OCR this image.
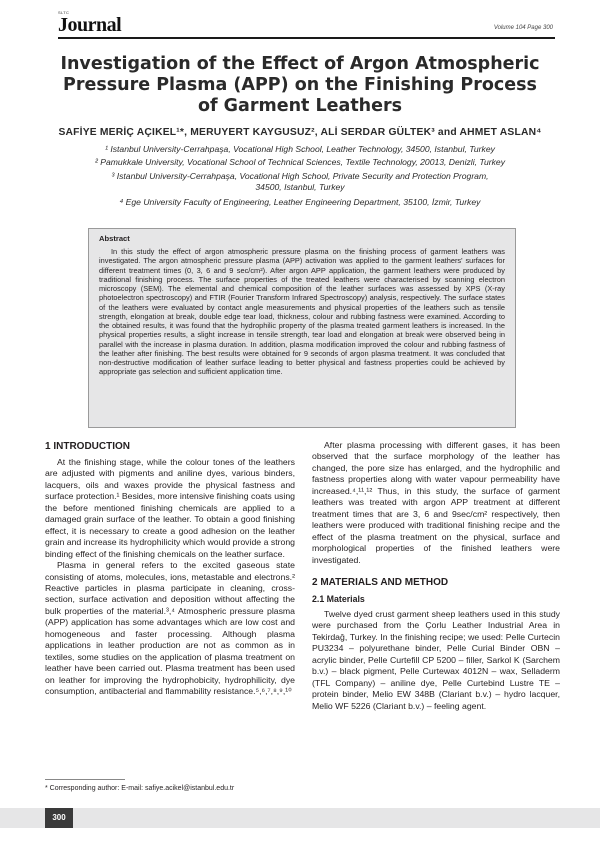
SLTC
Journal	Volume 104 Page 300
Investigation of the Effect of Argon Atmospheric
Pressure Plasma (APP) on the Finishing Process
of Garment Leathers
SAFİYE MERİÇ AÇIKEL¹*, MERUYERT KAYGUSUZ², ALİ SERDAR GÜLTEK³ and AHMET ASLAN⁴
¹ Istanbul University-Cerrahpaşa, Vocational High School, Leather Technology, 34500, Istanbul, Turkey
² Pamukkale University, Vocational School of Technical Sciences, Textile Technology, 20013, Denizli, Turkey
³ Istanbul University-Cerrahpaşa, Vocational High School, Private Security and Protection Program,
34500, Istanbul, Turkey
⁴ Ege University Faculty of Engineering, Leather Engineering Department, 35100, İzmir, Turkey
Abstract

In this study the effect of argon atmospheric pressure plasma on the finishing process of garment leathers was investigated. The argon atmospheric pressure plasma (APP) activation was applied to the garment leathers' surfaces for different treatment times (0, 3, 6 and 9 sec/cm²). After argon APP application, the garment leathers were produced by traditional finishing process. The surface properties of the treated leathers were characterised by scanning electron microscopy (SEM). The elemental and chemical composition of the leather surfaces was assessed by XPS (X-ray photoelectron spectroscopy) and FTIR (Fourier Transform Infrared Spectroscopy) analysis, respectively. The surface states of the leathers were evaluated by contact angle measurements and physical properties of the leathers such as tensile strength, elongation at break, double edge tear load, thickness, colour and rubbing fastness were examined. According to the obtained results, it was found that the hydrophilic property of the plasma treated garment leathers is increased. In the physical properties results, a slight increase in tensile strength, tear load and elongation at break were observed being in parallel with the increase in plasma duration. In addition, plasma modification improved the colour and rubbing fastness of the leather after finishing. The best results were obtained for 9 seconds of argon plasma treatment. It was concluded that non-destructive modification of leather surface leading to better physical and fastness properties could be achieved by appropriate gas selection and sufficient application time.

1 INTRODUCTION

At the finishing stage, while the colour tones of the leathers are adjusted with pigments and aniline dyes, various binders, lacquers, oils and waxes provide the physical fastness and surface protection.¹ Besides, more intensive finishing coats using the before mentioned finishing chemicals are applied to a damaged grain surface of the leather. To obtain a good finishing effect, it is necessary to create a good adhesion on the leather grain and increase its hydrophilicity which would provide a strong binding effect of the finishing chemicals on the leather surface.

Plasma in general refers to the excited gaseous state consisting of atoms, molecules, ions, metastable and electrons.² Reactive particles in plasma participate in cleaning, cross-section, surface activation and deposition without affecting the bulk properties of the material.³,⁴ Atmospheric pressure plasma (APP) application has some advantages which are low cost and homogeneous and faster processing. Although plasma applications in leather production are not as common as in textiles, some studies on the application of plasma treatment on leather have been carried out. Plasma treatment has been used on leather for improving the hydrophobicity, hydrophilicity, dye consumption, antibacterial and flammability resistance.⁵,⁶,⁷,⁸,⁹,¹⁰

After plasma processing with different gases, it has been observed that the surface morphology of the leather has changed, the pore size has enlarged, and the hydrophilic and fastness properties along with water vapour permeability have increased.⁴,¹¹,¹² Thus, in this study, the surface of garment leathers was treated with argon APP treatment at different treatment times that are 3, 6 and 9sec/cm² respectively, then leathers were produced with traditional finishing recipe and the effect of the plasma treatment on the physical, surface and morphological properties of the finished leathers were investigated.

2 MATERIALS AND METHOD
2.1 Materials

Twelve dyed crust garment sheep leathers used in this study were purchased from the Çorlu Leather Industrial Area in Tekirdağ, Turkey. In the finishing recipe; we used: Pelle Curtecin PU3234 – polyurethane binder, Pelle Curial Binder OBN – acrylic binder, Pelle Curtefill CP 5200 – filler, Sarkol K (Sarchem b.v.) – black pigment, Pelle Curtewax 4012N – wax, Selladerm (TFL Company) – aniline dye, Pelle Curtebind Lustre TE – protein binder, Melio EW 348B (Clariant b.v.) – hydro lacquer, Melio WF 5226 (Clariant b.v.) – feeling agent.

* Corresponding author: E-mail: safiye.acikel@istanbul.edu.tr
300
